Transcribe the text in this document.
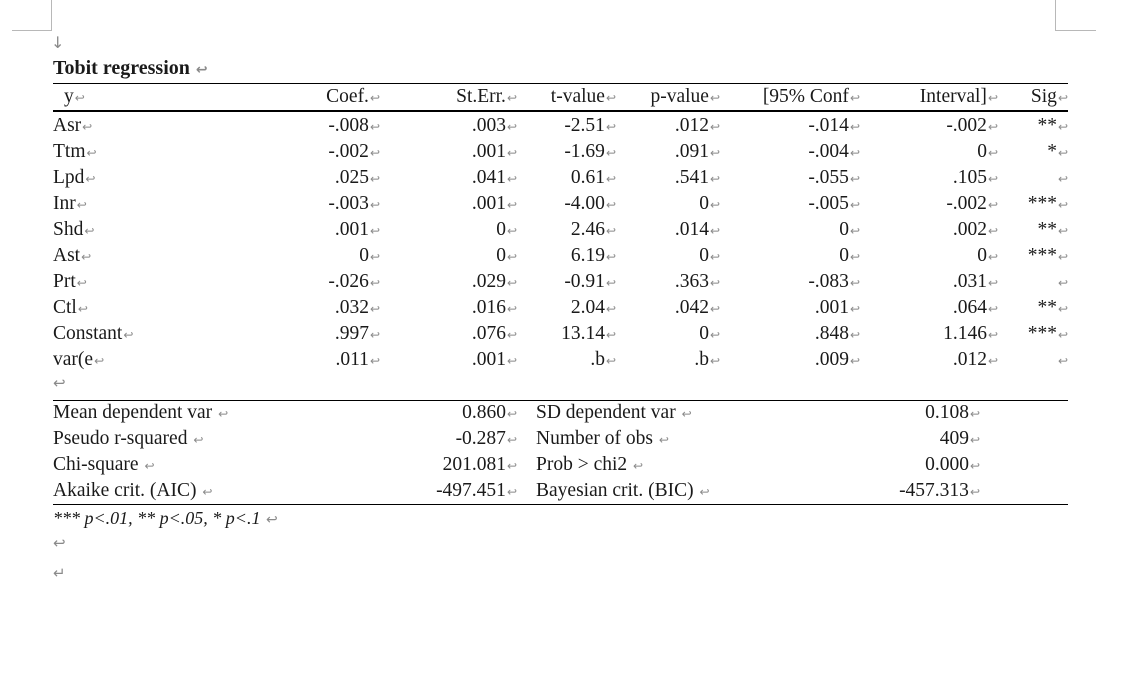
↓
Tobit regression ↩
y↩	Coef.↩	St.Err.↩ t-value↩ p-value↩ [95% Conf↩	Interval]↩ Sig↩
Asr↩	-.008↩	.003↩ -2.51↩	.012↩	-.014↩	-.002↩ **↩
Ttm↩	-.002↩	.001↩ -1.69↩	.091↩	-.004↩	0↩	*↩
Lpd↩	.025↩	.041↩	0.61↩	.541↩	-.055↩	.105↩	↩
Inr↩	-.003↩	.001↩ -4.00↩	0↩	-.005↩	-.002↩ ***↩
Shd↩	.001↩	0↩	2.46↩	.014↩	0↩	.002↩ **↩
Ast↩	0↩	0↩	6.19↩	0↩	0↩	0↩ ***↩
Prt↩	-.026↩	.029↩ -0.91↩	.363↩	-.083↩	.031↩	↩
Ctl↩	.032↩	.016↩	2.04↩	.042↩	.001↩	.064↩ **↩
Constant↩	.997↩	.076↩ 13.14↩	0↩	.848↩	1.146↩ ***↩
var(e↩	.011↩	.001↩	.b↩	.b↩	.009↩	.012↩	↩
↩
Mean dependent var ↩	0.860↩ SD dependent var ↩	0.108↩
Pseudo r-squared ↩	-0.287↩ Number of obs ↩	409↩
Chi-square ↩	201.081↩ Prob > chi2 ↩	0.000↩
Akaike crit. (AIC) ↩	-497.451↩ Bayesian crit. (BIC) ↩	-457.313↩
*** p<.01, ** p<.05, * p<.1 ↩
↩
↵
